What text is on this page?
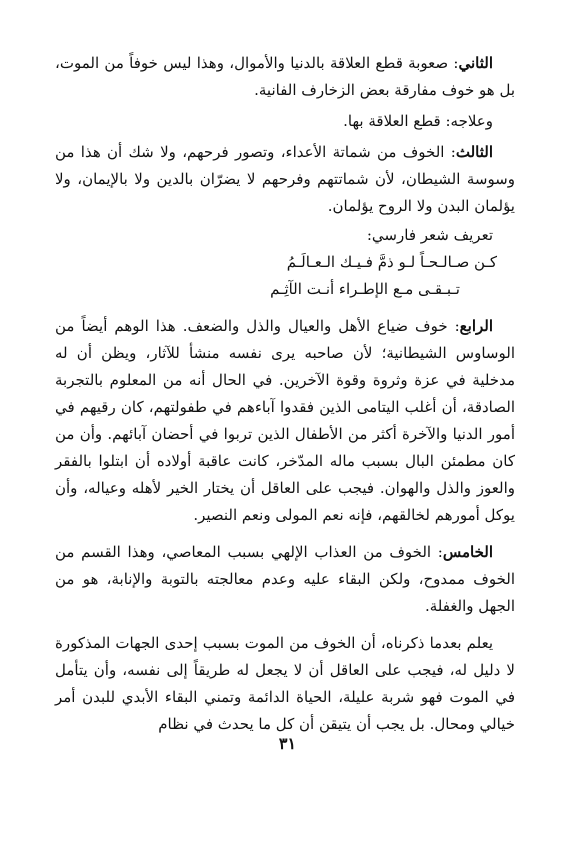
الثاني: صعوبة قطع العلاقة بالدنيا والأموال، وهذا ليس خوفاً من الموت، بل هو خوف مفارقة بعض الزخارف الفانية.

وعلاجه: قطع العلاقة بها.

الثالث: الخوف من شماتة الأعداء، وتصور فرحهم، ولا شك أن هذا من وسوسة الشيطان، لأن شماتتهم وفرحهم لا يضرّان بالدين ولا بالإيمان، ولا يؤلمان البدن ولا الروح يؤلمان.

تعريف شعر فارسي:

كـن صـالـحـاً لـو ذمَّ فـيـك الـعـالَـمُ

تـبـقـى مـع الإطـراء أنـت الآثِـم

الرابع: خوف ضياع الأهل والعيال والذل والضعف. هذا الوهم أيضاً من الوساوس الشيطانية؛ لأن صاحبه يرى نفسه منشأ للآثار، ويظن أن له مدخلية في عزة وثروة وقوة الآخرين. في الحال أنه من المعلوم بالتجربة الصادقة، أن أغلب اليتامى الذين فقدوا آباءهم في طفولتهم، كان رقيهم في أمور الدنيا والآخرة أكثر من الأطفال الذين تربوا في أحضان آبائهم. وأن من كان مطمئن البال بسبب ماله المدّخر، كانت عاقبة أولاده أن ابتلوا بالفقر والعوز والذل والهوان. فيجب على العاقل أن يختار الخير لأهله وعياله، وأن يوكل أمورهم لخالقهم، فإنه نعم المولى ونعم النصير.

الخامس: الخوف من العذاب الإلهي بسبب المعاصي، وهذا القسم من الخوف ممدوح، ولكن البقاء عليه وعدم معالجته بالتوبة والإنابة، هو من الجهل والغفلة.

يعلم بعدما ذكرناه، أن الخوف من الموت بسبب إحدى الجهات المذكورة لا دليل له، فيجب على العاقل أن لا يجعل له طريقاً إلى نفسه، وأن يتأمل في الموت فهو شربة عليلة، الحياة الدائمة وتمني البقاء الأبدي للبدن أمر خيالي ومحال. بل يجب أن يتيقن أن كل ما يحدث في نظام

٣١
